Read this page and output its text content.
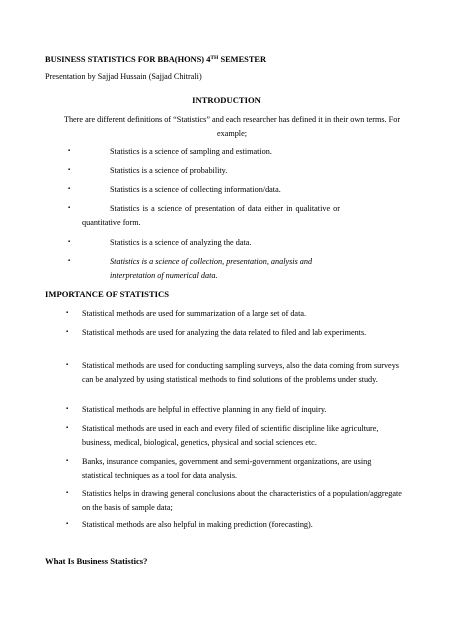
BUSINESS STATISTICS FOR BBA(HONS) 4TH SEMESTER
Presentation by Sajjad Hussain (Sajjad Chitrali)
INTRODUCTION
There are different definitions of “Statistics” and each researcher has defined it in their own terms. For example;
▪	Statistics is a science of sampling and estimation.
▪	Statistics is a science of probability.
▪	Statistics is a science of collecting information/data.
▪	Statistics is a science of presentation of data either in qualitative or
quantitative form.
▪	Statistics is a science of analyzing the data.
▪	Statistics is a science of collection, presentation, analysis and
interpretation of numerical data.
IMPORTANCE OF STATISTICS
▪ Statistical methods are used for summarization of a large set of data.
▪ Statistical methods are used for analyzing the data related to filed and lab experiments.
▪ Statistical methods are used for conducting sampling surveys, also the data coming from surveys can be analyzed by using statistical methods to find solutions of the problems under study.
▪ Statistical methods are helpful in effective planning in any field of inquiry.
▪ Statistical methods are used in each and every filed of scientific discipline like agriculture, business, medical, biological, genetics, physical and social sciences etc.
▪ Banks, insurance companies, government and semi-government organizations, are using statistical techniques as a tool for data analysis.
▪ Statistics helps in drawing general conclusions about the characteristics of a population/aggregate on the basis of sample data;
▪ Statistical methods are also helpful in making prediction (forecasting).
What Is Business Statistics?
